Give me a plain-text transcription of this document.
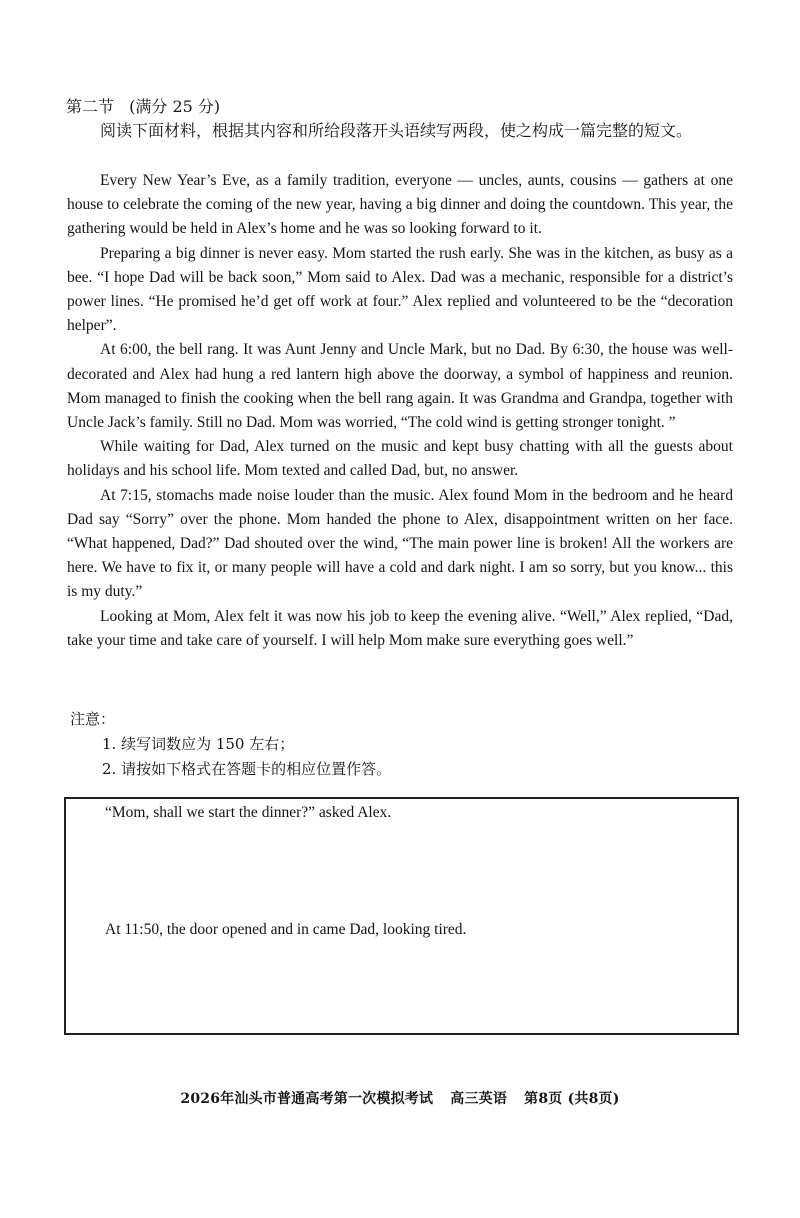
第二节 (满分 25 分)
阅读下面材料，根据其内容和所给段落开头语续写两段，使之构成一篇完整的短文。

Every New Year’s Eve, as a family tradition, everyone — uncles, aunts, cousins — gathers at one house to celebrate the coming of the new year, having a big dinner and doing the countdown. This year, the gathering would be held in Alex’s home and he was so looking forward to it.

Preparing a big dinner is never easy. Mom started the rush early. She was in the kitchen, as busy as a bee. “I hope Dad will be back soon,” Mom said to Alex. Dad was a mechanic, responsible for a district’s power lines. “He promised he’d get off work at four.” Alex replied and volunteered to be the “decoration helper”.

At 6:00, the bell rang. It was Aunt Jenny and Uncle Mark, but no Dad. By 6:30, the house was well-decorated and Alex had hung a red lantern high above the doorway, a symbol of happiness and reunion. Mom managed to finish the cooking when the bell rang again. It was Grandma and Grandpa, together with Uncle Jack’s family. Still no Dad. Mom was worried, “The cold wind is getting stronger tonight. ”

While waiting for Dad, Alex turned on the music and kept busy chatting with all the guests about holidays and his school life. Mom texted and called Dad, but, no answer.

At 7:15, stomachs made noise louder than the music. Alex found Mom in the bedroom and he heard Dad say “Sorry” over the phone. Mom handed the phone to Alex, disappointment written on her face. “What happened, Dad?” Dad shouted over the wind, “The main power line is broken! All the workers are here. We have to fix it, or many people will have a cold and dark night. I am so sorry, but you know... this is my duty.”

Looking at Mom, Alex felt it was now his job to keep the evening alive. “Well,” Alex replied, “Dad, take your time and take care of yourself. I will help Mom make sure everything goes well.”

注意：
1. 续写词数应为 150 左右；
2. 请按如下格式在答题卡的相应位置作答。
“Mom, shall we start the dinner?” asked Alex.
At 11:50, the door opened and in came Dad, looking tired.
2026年汕头市普通高考第一次模拟考试 高三英语 第8页 (共8页)
